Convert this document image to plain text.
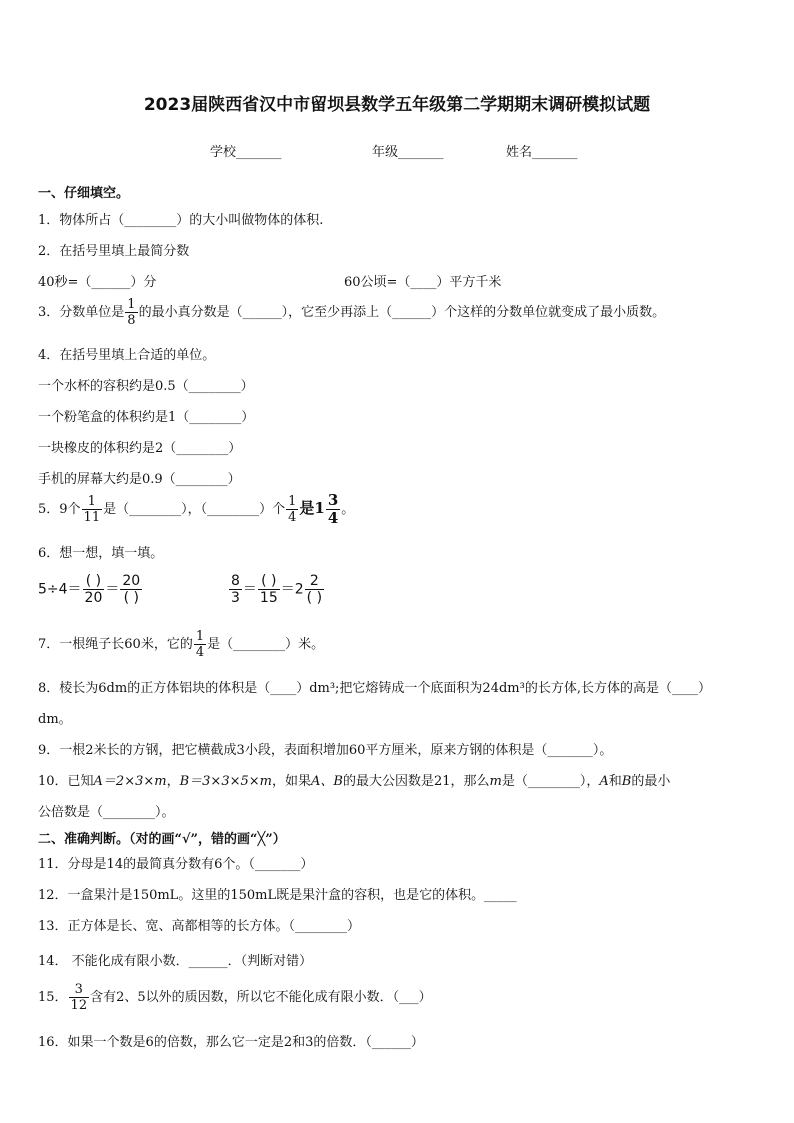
2023届陕西省汉中市留坝县数学五年级第二学期期末调研模拟试题
学校_______	年级_______	姓名_______
一、仔细填空。
1．物体所占（________）的大小叫做物体的体积.
2．在括号里填上最简分数
40秒=（______）分	60公顷=（____）平方千米
3．分数单位是 $\frac{1}{8}$ 的最小真分数是（______），它至少再添上（______）个这样的分数单位就变成了最小质数。
4．在括号里填上合适的单位。
一个水杯的容积约是0.5（________）
一个粉笔盒的体积约是1（________）
一块橡皮的体积约是2（________）
手机的屏幕大约是0.9（________）
5．9个 $\frac{1}{11}$ 是（________），（________）个 $\frac{1}{4}$ 是$1 \frac{3}{4}$ 。
6．想一想，填一填。
$5\div 4= \frac{( )}{20} = \frac{20}{( )}$	$\frac{8}{3} = \frac{( )}{15} =2 \frac{2}{( )}$
7．一根绳子长60米，它的 $\frac{1}{4}$ 是（________）米。
8．棱长为6dm的正方体铝块的体积是（____）dm³;把它熔铸成一个底面积为24dm³的长方体,长方体的高是（____）
dm。
9．一根2米长的方钢，把它横截成3小段，表面积增加60平方厘米，原来方钢的体积是（_______）。
10．已知A＝2×3×m，B＝3×3×5×m，如果A、B的最大公因数是21，那么m是（________），A和B的最小
公倍数是（________）。
二、准确判断。（对的画“√”，错的画“╳”）
11．分母是14的最简真分数有6个。（_______）
12．一盒果汁是150mL。这里的150mL既是果汁盒的容积，也是它的体积。_____
13．正方体是长、宽、高都相等的长方体。（________）
14． 不能化成有限小数．______．（判断对错）
15． $\frac{3}{12}$ 含有2、5以外的质因数，所以它不能化成有限小数．（___）
16．如果一个数是6的倍数，那么它一定是2和3的倍数．（______）
